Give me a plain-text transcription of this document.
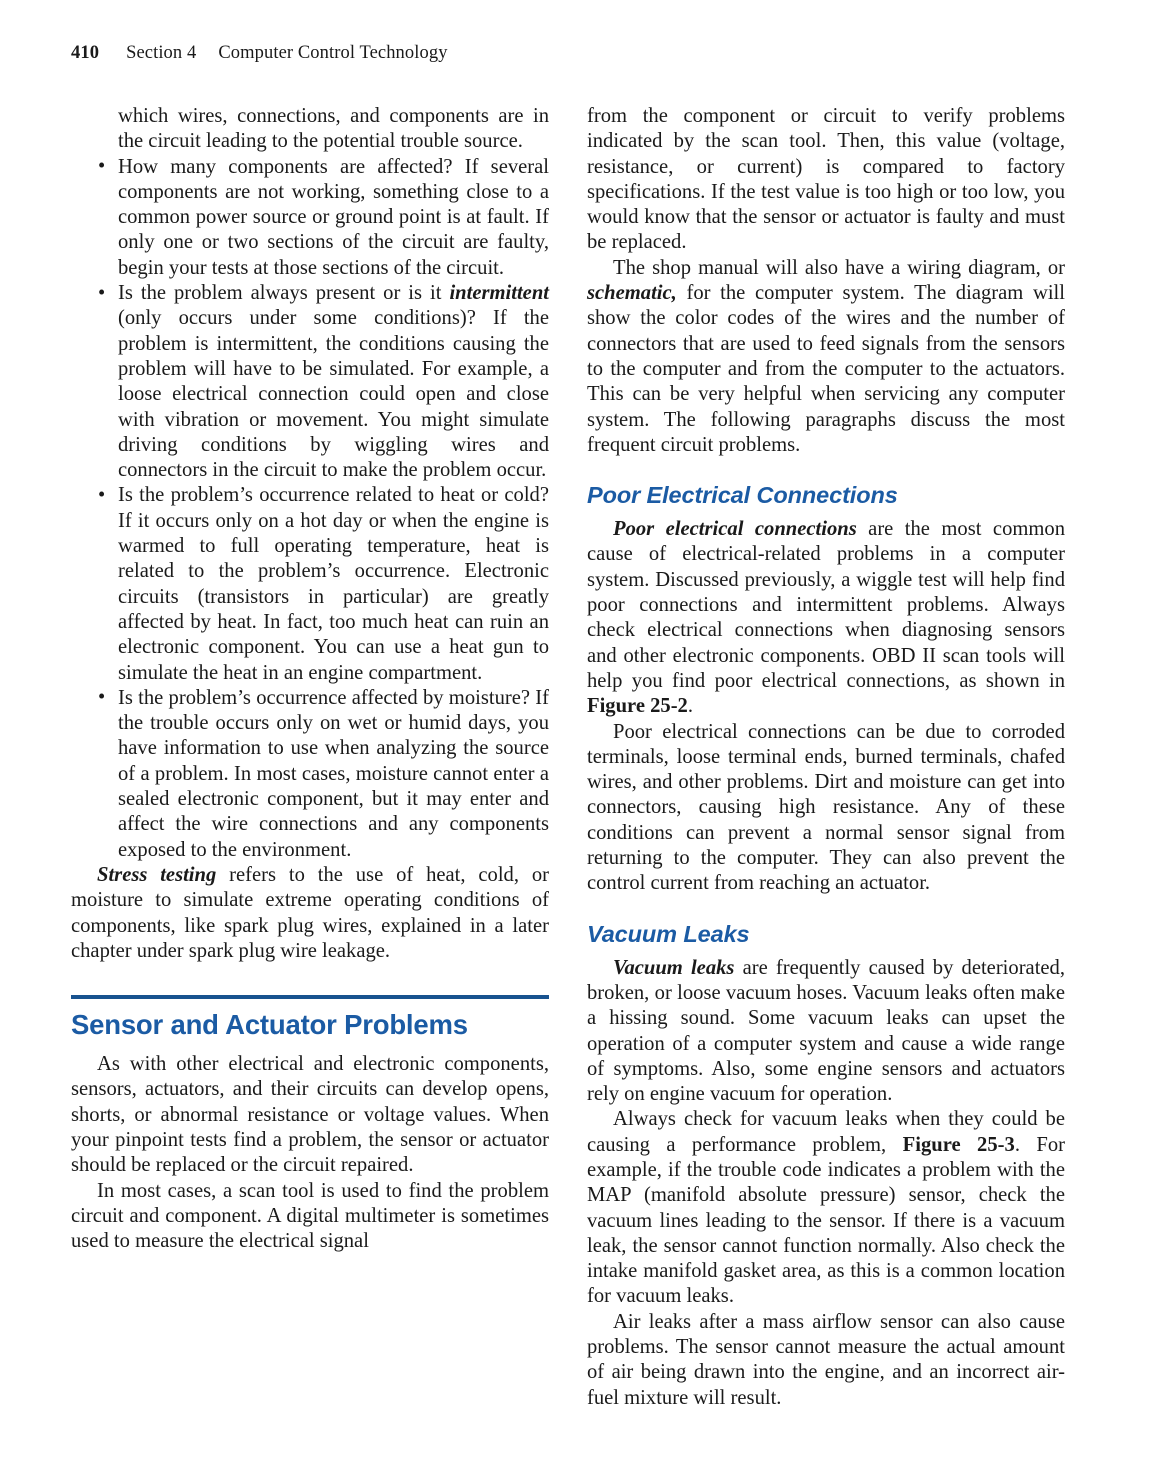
410 Section 4 Computer Control Technology

which wires, connections, and components are in the circuit leading to the potential trouble source.

• How many components are affected? If several components are not working, something close to a common power source or ground point is at fault. If only one or two sections of the circuit are faulty, begin your tests at those sections of the circuit.
• Is the problem always present or is it intermittent (only occurs under some conditions)? If the problem is intermittent, the conditions causing the problem will have to be simulated. For example, a loose electrical connection could open and close with vibration or movement. You might simulate driving conditions by wiggling wires and connectors in the circuit to make the problem occur.
• Is the problem’s occurrence related to heat or cold? If it occurs only on a hot day or when the engine is warmed to full operating temperature, heat is related to the problem’s occurrence. Electronic circuits (transistors in particular) are greatly affected by heat. In fact, too much heat can ruin an electronic component. You can use a heat gun to simulate the heat in an engine compartment.
• Is the problem’s occurrence affected by moisture? If the trouble occurs only on wet or humid days, you have information to use when analyzing the source of a problem. In most cases, moisture cannot enter a sealed electronic component, but it may enter and affect the wire connections and any components exposed to the environment.

Stress testing refers to the use of heat, cold, or moisture to simulate extreme operating conditions of components, like spark plug wires, explained in a later chapter under spark plug wire leakage.

Sensor and Actuator Problems

As with other electrical and electronic components, sensors, actuators, and their circuits can develop opens, shorts, or abnormal resistance or voltage values. When your pinpoint tests find a problem, the sensor or actuator should be replaced or the circuit repaired.

In most cases, a scan tool is used to find the problem circuit and component. A digital multimeter is sometimes used to measure the electrical signal

from the component or circuit to verify problems indicated by the scan tool. Then, this value (voltage, resistance, or current) is compared to factory specifications. If the test value is too high or too low, you would know that the sensor or actuator is faulty and must be replaced.

The shop manual will also have a wiring diagram, or schematic, for the computer system. The diagram will show the color codes of the wires and the number of connectors that are used to feed signals from the sensors to the computer and from the computer to the actuators. This can be very helpful when servicing any computer system. The following paragraphs discuss the most frequent circuit problems.

Poor Electrical Connections

Poor electrical connections are the most common cause of electrical-related problems in a computer system. Discussed previously, a wiggle test will help find poor connections and intermittent problems. Always check electrical connections when diagnosing sensors and other electronic components. OBD II scan tools will help you find poor electrical connections, as shown in Figure 25-2.

Poor electrical connections can be due to corroded terminals, loose terminal ends, burned terminals, chafed wires, and other problems. Dirt and moisture can get into connectors, causing high resistance. Any of these conditions can prevent a normal sensor signal from returning to the computer. They can also prevent the control current from reaching an actuator.

Vacuum Leaks

Vacuum leaks are frequently caused by deteriorated, broken, or loose vacuum hoses. Vacuum leaks often make a hissing sound. Some vacuum leaks can upset the operation of a computer system and cause a wide range of symptoms. Also, some engine sensors and actuators rely on engine vacuum for operation.

Always check for vacuum leaks when they could be causing a performance problem, Figure 25-3. For example, if the trouble code indicates a problem with the MAP (manifold absolute pressure) sensor, check the vacuum lines leading to the sensor. If there is a vacuum leak, the sensor cannot function normally. Also check the intake manifold gasket area, as this is a common location for vacuum leaks.

Air leaks after a mass airflow sensor can also cause problems. The sensor cannot measure the actual amount of air being drawn into the engine, and an incorrect air-fuel mixture will result.
